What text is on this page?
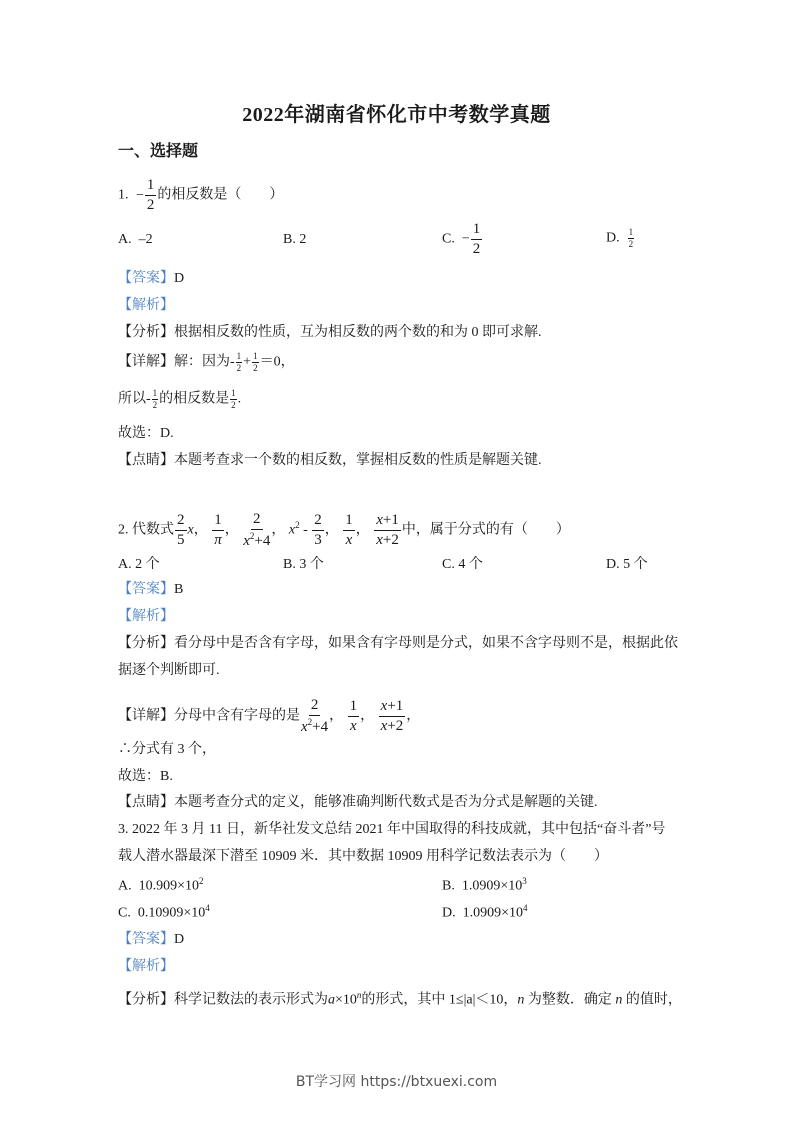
2022年湖南省怀化市中考数学真题
一、选择题
1. − $\frac{1}{2}$ 的相反数是（　　）
A. –2	B. 2	C.  − $\frac{1}{2}$	D. $\frac{1}{2}$
【答案】D
【解析】
【分析】根据相反数的性质，互为相反数的两个数的和为 0 即可求解.
【详解】解：因为- $\frac{1}{2} + \frac{1}{2} =0$，
所以- $\frac{1}{2}$ 的相反数是 $\frac{1}{2}$ .
故选：D.
【点睛】本题考查求一个数的相反数，掌握相反数的性质是解题关键.
2. 代数式 $\frac{2}{5}$ x， $\frac{1}{\pi}$ ， $\frac{2}{x^2+4}$ ， $x^2 - \frac{2}{3}$ ， $\frac{1}{x}$ ， $\frac{x+1}{x+2}$ 中，属于分式的有（　　）
A. 2 个	B. 3 个	C. 4 个	D. 5 个
【答案】B
【解析】
【分析】看分母中是否含有字母，如果含有字母则是分式，如果不含字母则不是，根据此依
据逐个判断即可.
【详解】分母中含有字母的是 $\frac{2}{x^2+4}$ ， $\frac{1}{x}$ ， $\frac{x+1}{x+2}$ ，
∴分式有 3 个，
故选：B.
【点睛】本题考查分式的定义，能够准确判断代数式是否为分式是解题的关键.
3. 2022 年 3 月 11 日，新华社发文总结 2021 年中国取得的科技成就，其中包括“奋斗者”号
载人潜水器最深下潜至 10909 米．其中数据 10909 用科学记数法表示为（　　）
A. $10.909\times 10^2$	B. $1.0909\times 10^3$
C. $0.10909\times 10^4$	D. $1.0909\times 10^4$
【答案】D
【解析】
【分析】科学记数法的表示形式为$a\times 10^n$的形式，其中 1≤|a|＜10，n 为整数．确定 n 的值时，
BT学习网 https://btxuexi.com
